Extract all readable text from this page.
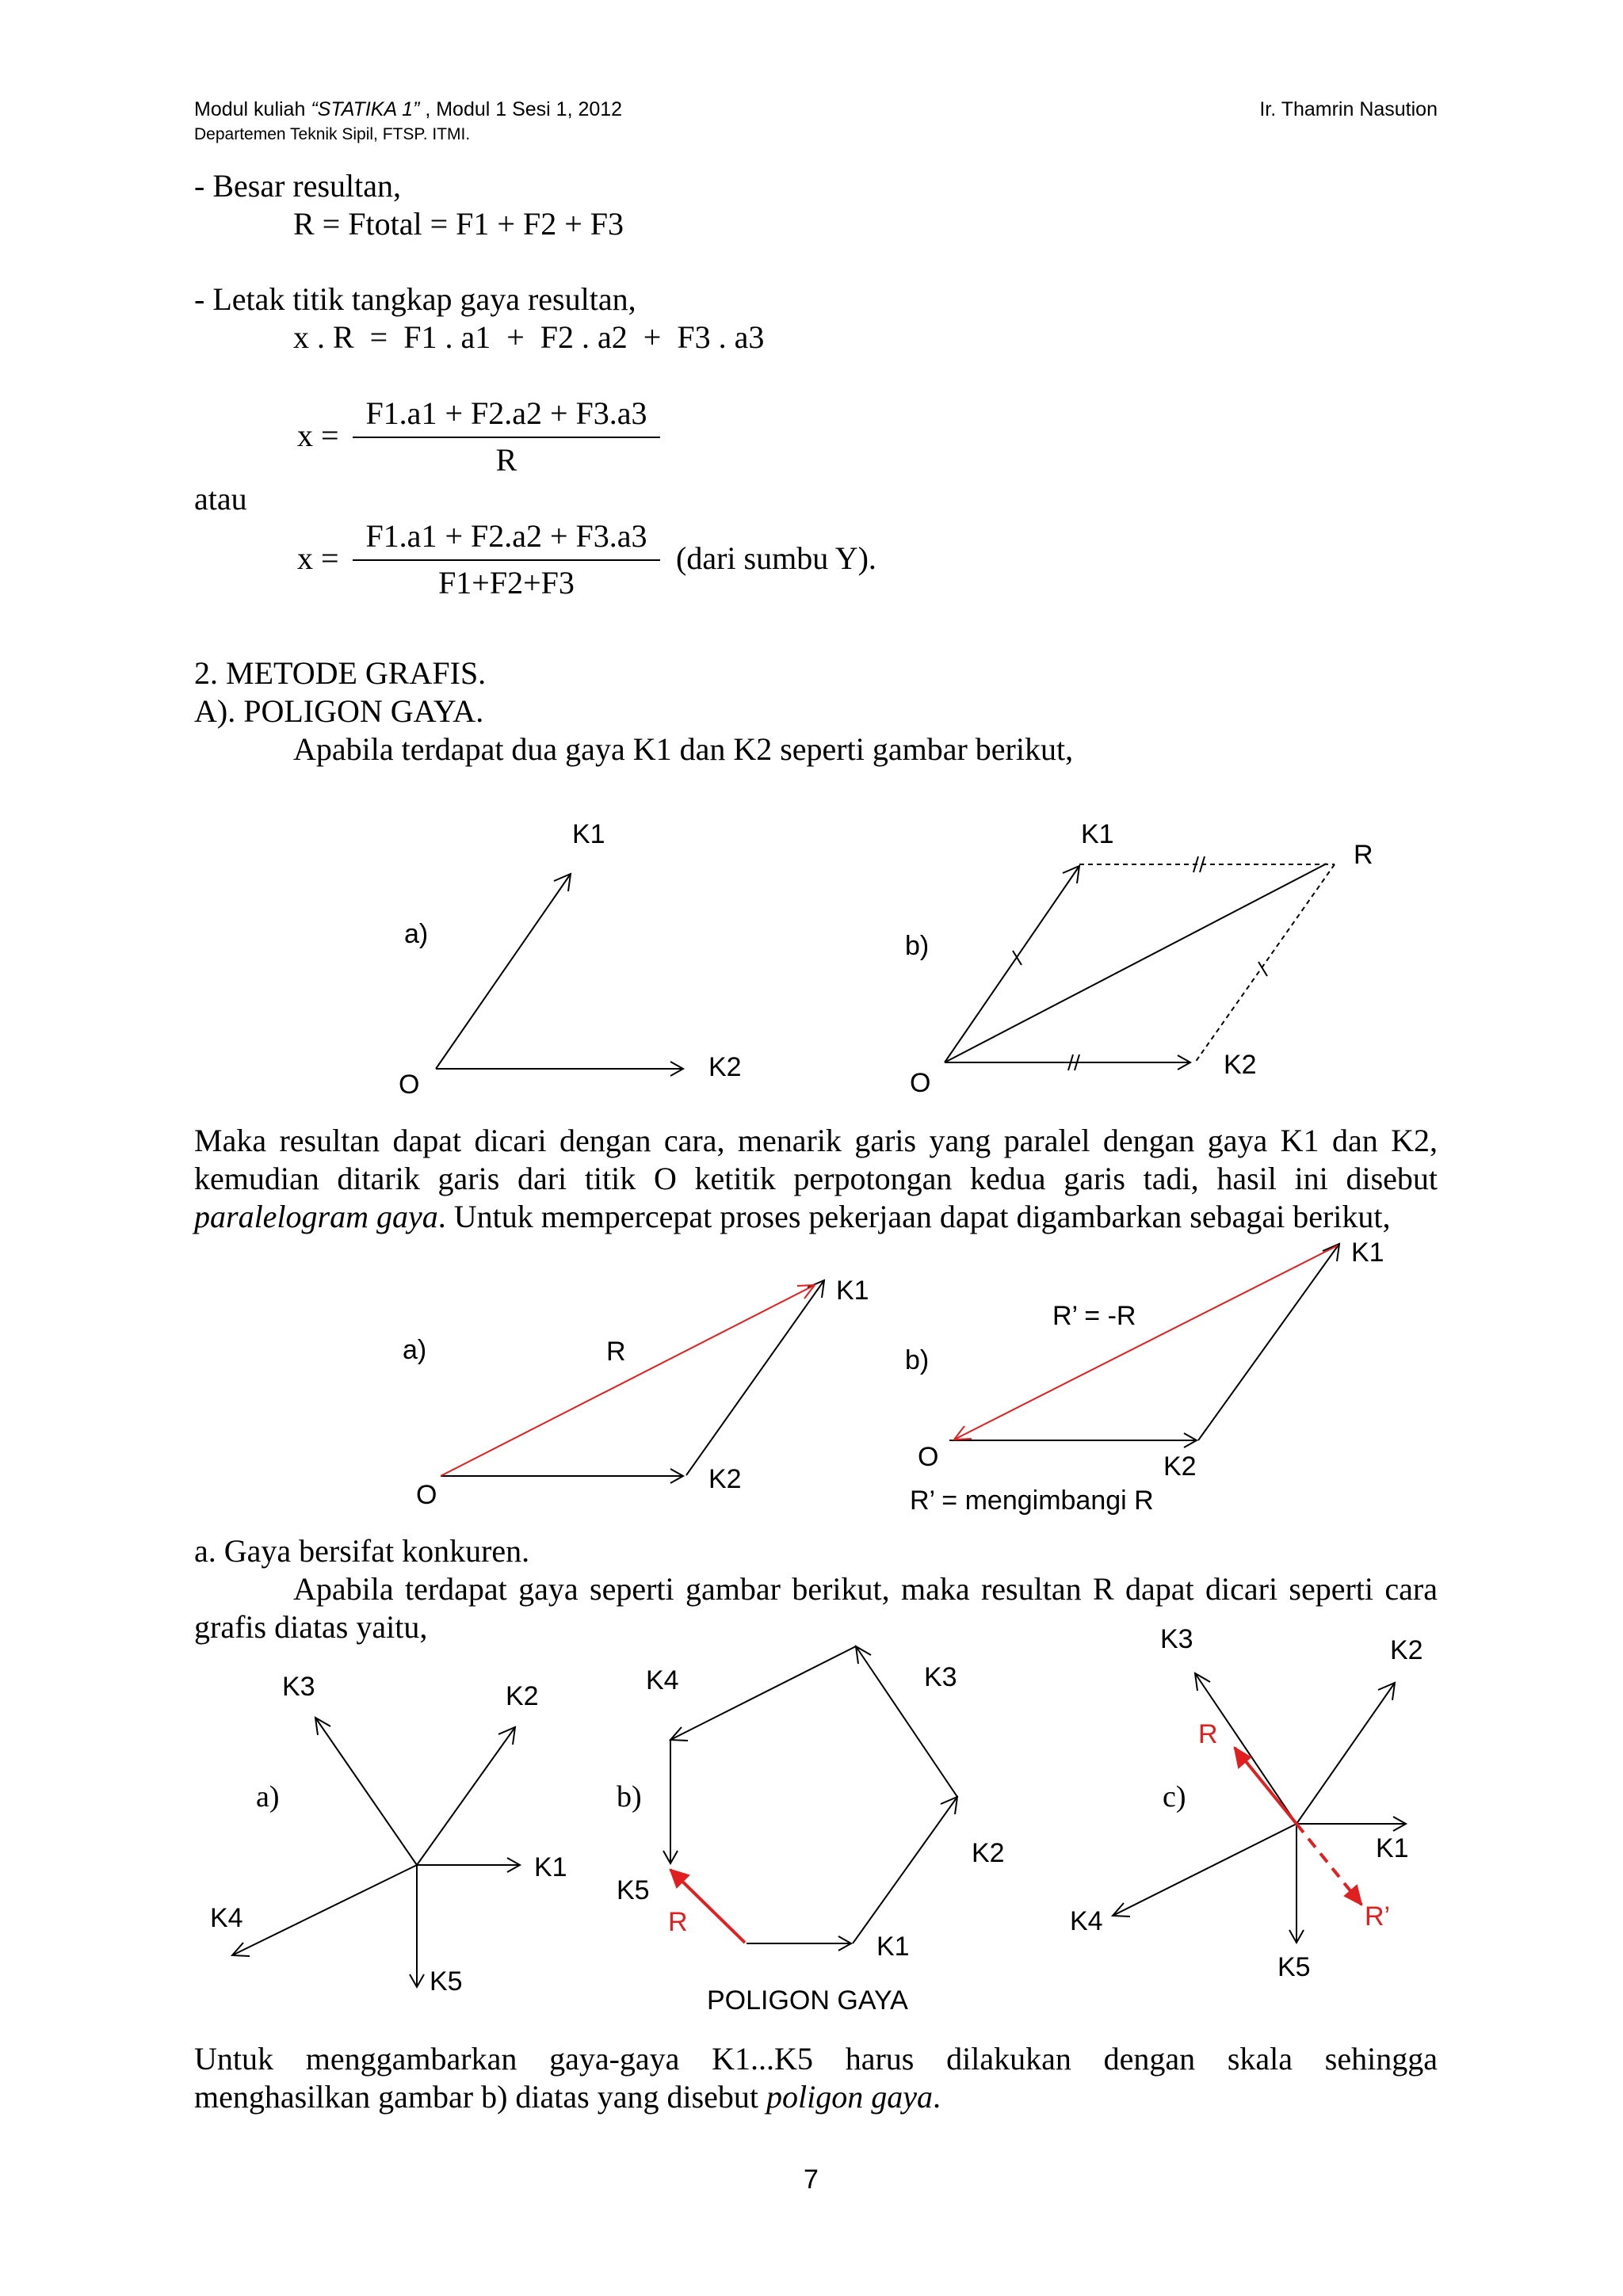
Modul kuliah “STATIKA 1” , Modul 1 Sesi 1, 2012
Departemen Teknik Sipil, FTSP. ITMI.
Ir. Thamrin Nasution
- Besar resultan,
R = Ftotal = F1 + F2 + F3
- Letak titik tangkap gaya resultan,
x . R  =  F1 . a1  +  F2 . a2  +  F3 . a3
x =
F1.a1 + F2.a2 + F3.a3
R
atau
x =
F1.a1 + F2.a2 + F3.a3
F1+F2+F3
(dari sumbu Y).
2. METODE GRAFIS.
A). POLIGON GAYA.
Apabila terdapat dua gaya K1 dan K2 seperti gambar berikut,
K1
a)
K2
O
K1
R
b)
K2
O
Maka resultan dapat dicari dengan cara, menarik garis yang paralel dengan gaya K1 dan K2,
kemudian ditarik garis dari titik O ketitik perpotongan kedua garis tadi, hasil ini disebut
paralelogram gaya. Untuk mempercepat proses pekerjaan dapat digambarkan sebagai berikut,
K1
a)	R
K2
O
K1
R’ = -R
b)
O	K2
R’ = mengimbangi R
a. Gaya bersifat konkuren.
Apabila terdapat gaya seperti gambar berikut, maka resultan R dapat dicari seperti cara
grafis diatas yaitu,
K3	K2
a)
K1
K4
K5
K4	K3
b)
K2
K5
R
K1
POLIGON GAYA
K3	K2
R
c)
K1
K4	R’
K5
Untuk menggambarkan gaya-gaya K1...K5 harus dilakukan dengan skala sehingga
menghasilkan gambar b) diatas yang disebut poligon gaya.
7
